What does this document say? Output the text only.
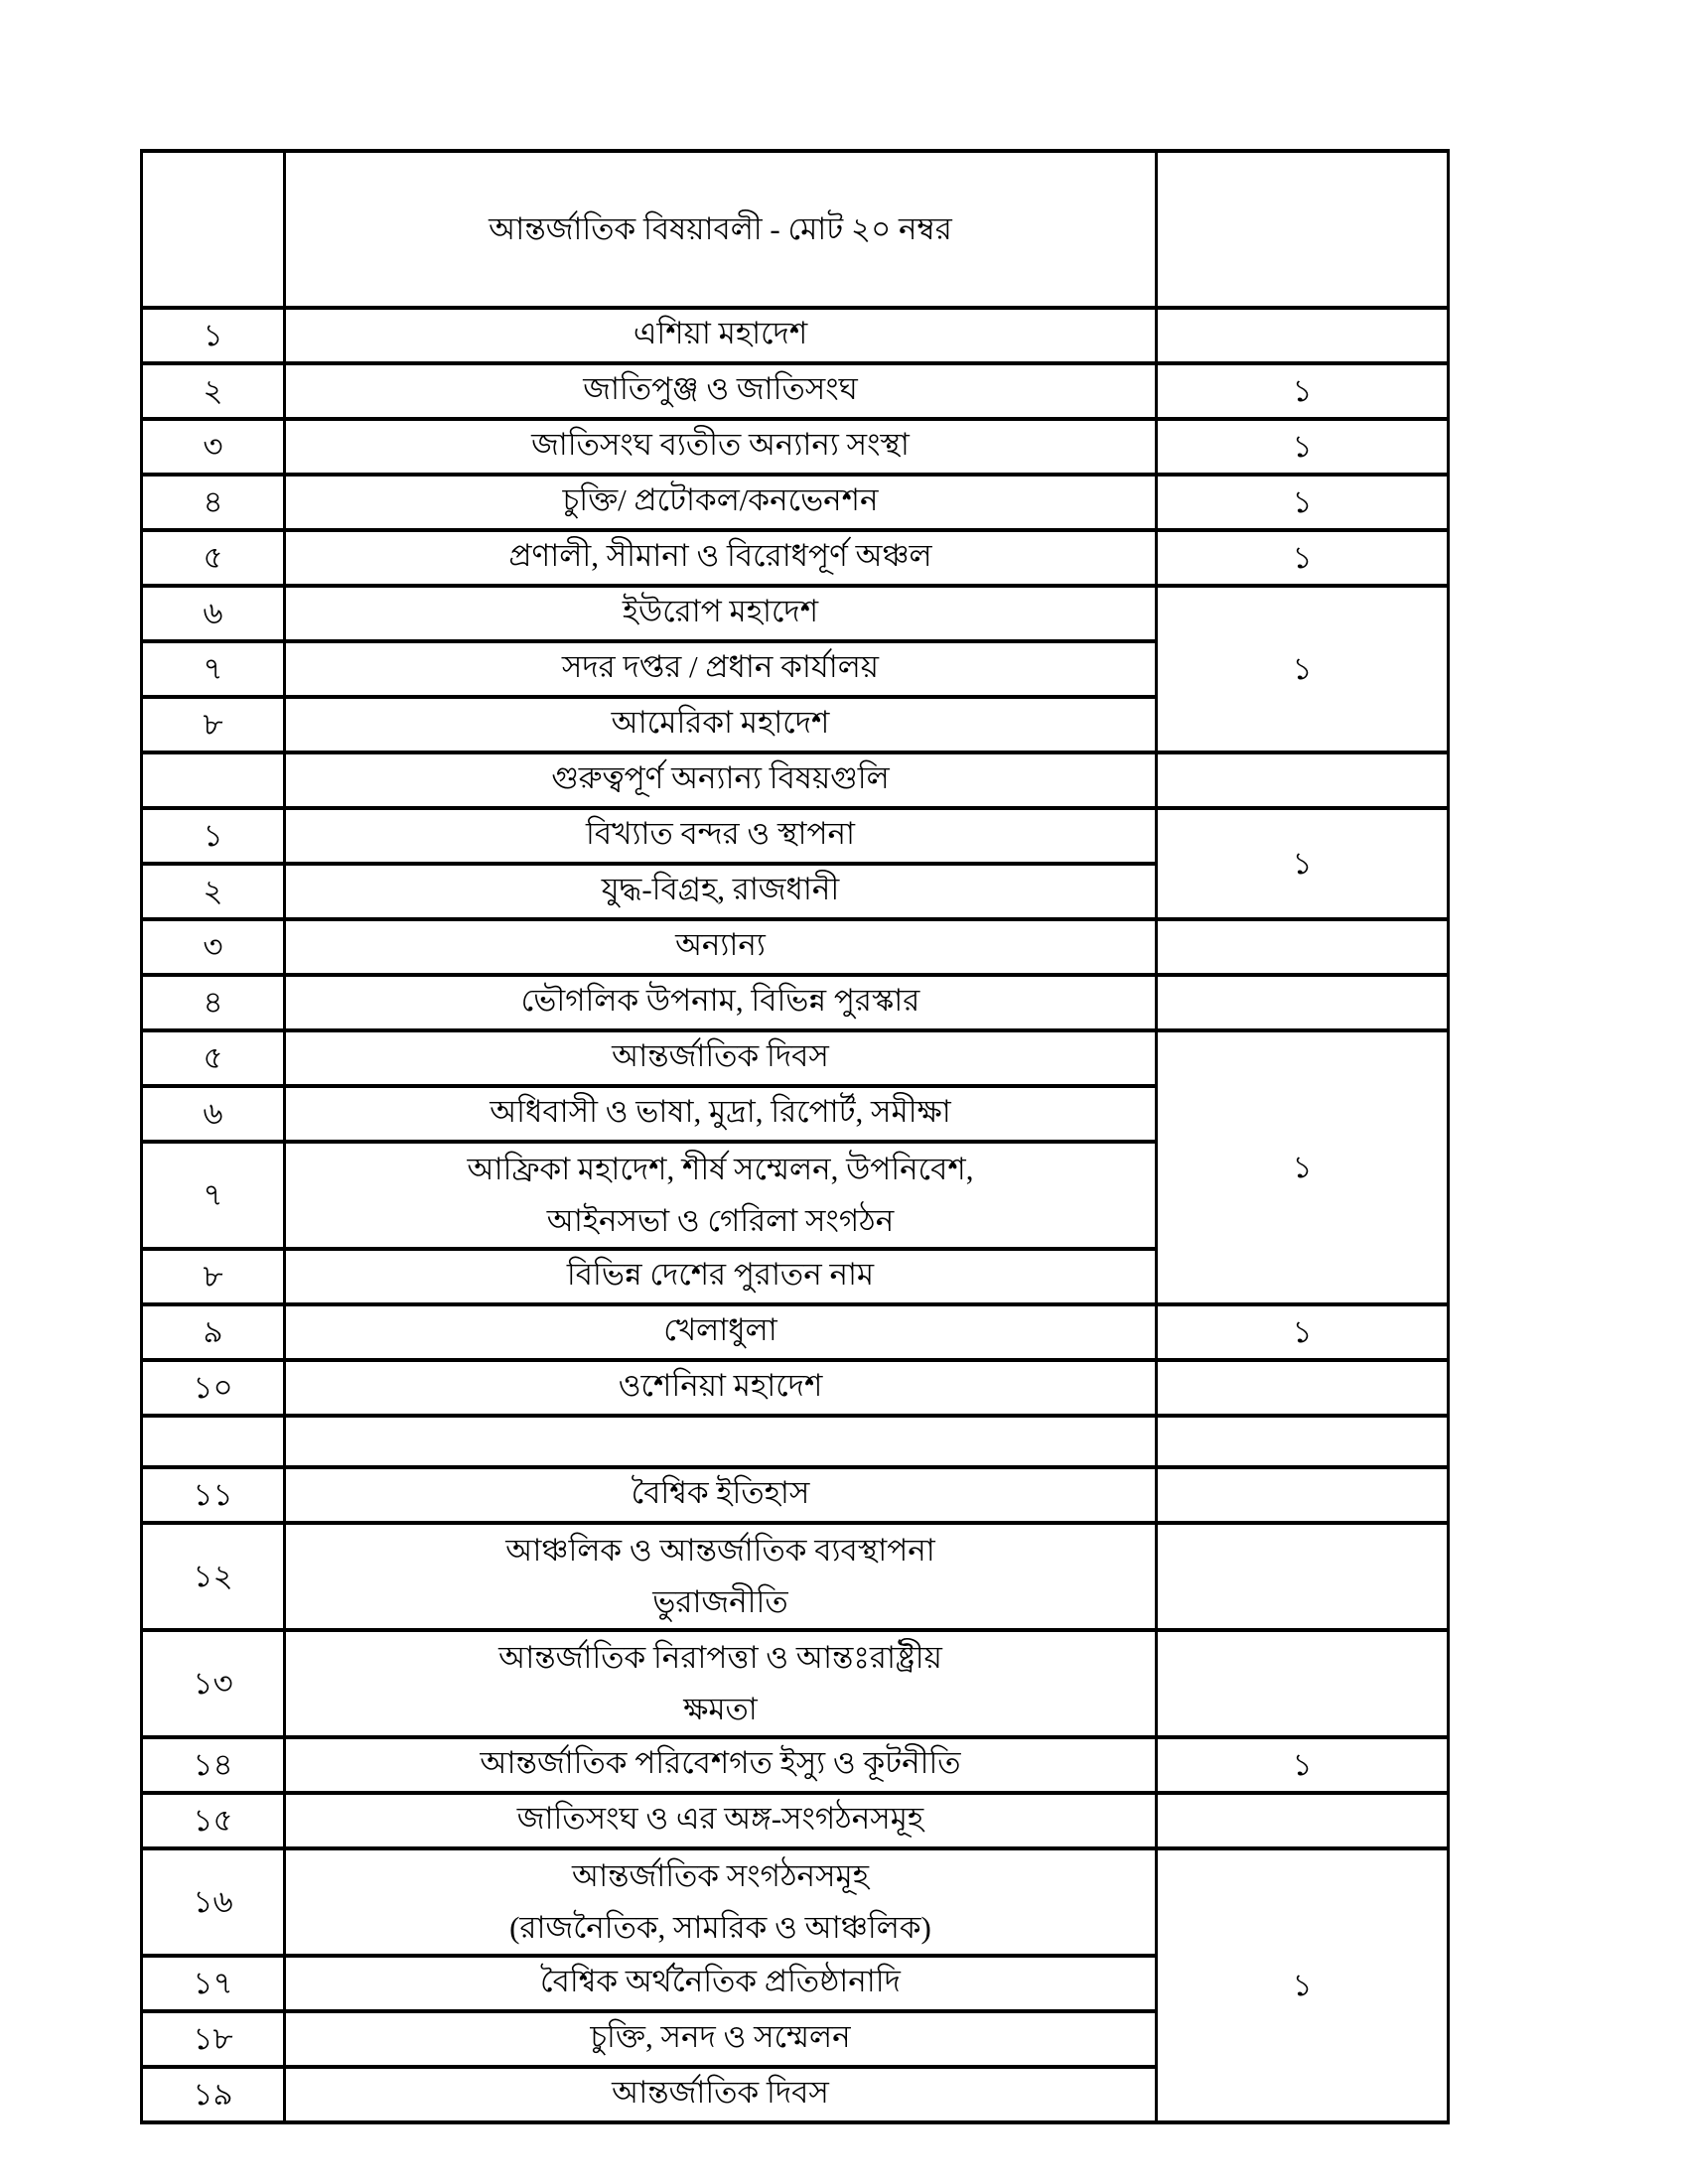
	আন্তর্জাতিক বিষয়াবলী - মোট ২০ নম্বর	
১	এশিয়া মহাদেশ	

২	জাতিপুঞ্জ ও জাতিসংঘ	১
৩	জাতিসংঘ ব্যতীত অন্যান্য সংস্থা	১
৪	চুক্তি/ প্রটোকল/কনভেনশন	১
৫	প্রণালী, সীমানা ও বিরোধপূর্ণ অঞ্চল	১
৬	ইউরোপ মহাদেশ	১
৭	সদর দপ্তর / প্রধান কার্যালয়	

৮	আমেরিকা মহাদেশ	

	গুরুত্বপূর্ণ অন্যান্য বিষয়গুলি	

১	বিখ্যাত বন্দর ও স্থাপনা	১
২	যুদ্ধ-বিগ্রহ, রাজধানী	

৩	অন্যান্য	

৪	ভৌগলিক উপনাম, বিভিন্ন পুরস্কার	

৫	আন্তর্জাতিক দিবস	১
৬	অধিবাসী ও ভাষা, মুদ্রা, রিপোর্ট, সমীক্ষা	

৭	আফ্রিকা মহাদেশ, শীর্ষ সম্মেলন, উপনিবেশ,
আইনসভা ও গেরিলা সংগঠন	

৮	বিভিন্ন দেশের পুরাতন নাম	

৯	খেলাধুলা	১
১০	ওশেনিয়া মহাদেশ	

১১	বৈশ্বিক ইতিহাস	

১২	আঞ্চলিক ও আন্তর্জাতিক ব্যবস্থাপনা
ভুরাজনীতি	

১৩	আন্তর্জাতিক নিরাপত্তা ও আন্তঃরাষ্ট্রীয়
ক্ষমতা	

১৪	আন্তর্জাতিক পরিবেশগত ইস্যু ও কূটনীতি	১
১৫	জাতিসংঘ ও এর অঙ্গ-সংগঠনসমূহ	

১৬	আন্তর্জাতিক সংগঠনসমূহ
(রাজনৈতিক, সামরিক ও আঞ্চলিক)	১
১৭	বৈশ্বিক অর্থনৈতিক প্রতিষ্ঠানাদি	

১৮	চুক্তি, সনদ ও সম্মেলন	

১৯	আন্তর্জাতিক দিবস	
